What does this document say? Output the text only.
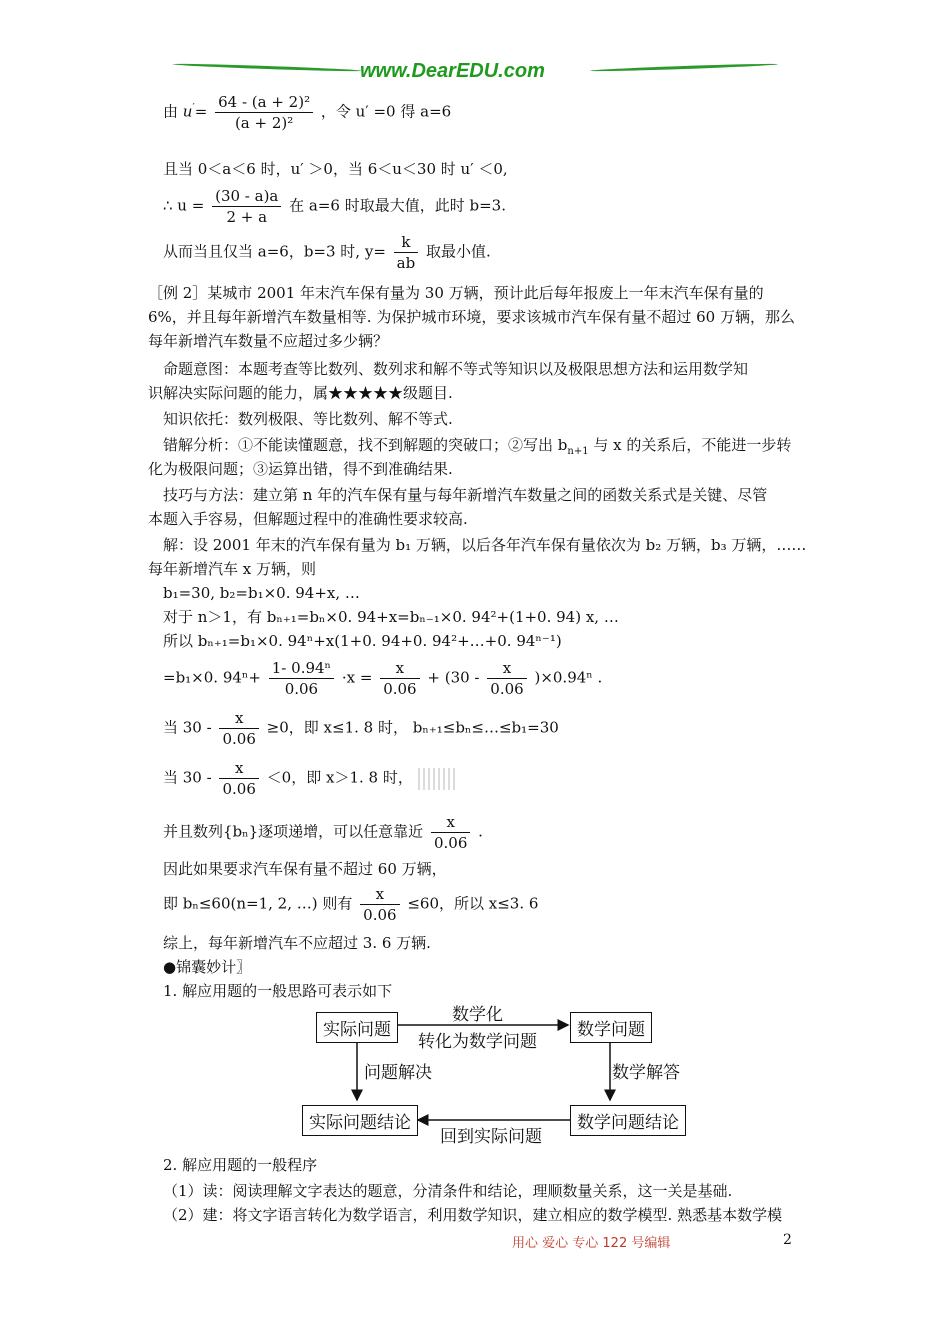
www.DearEDU.com
由 $u'= \frac{\text{64 - (a + 2)²}}{\text{(a + 2)²}}$ ，令 u′ =0 得 a=6
且当 0＜a＜6 时，u′ ＞0，当 6＜u＜30 时 u′ ＜0,
∴ $u = \frac{(30 - a)a}{2 + a}$ 在 a=6 时取最大值，此时 b=3.
从而当且仅当 a=6，b=3 时, $y= \frac{k}{ab}$ 取最小值.
［例 2］某城市 2001 年末汽车保有量为 30 万辆，预计此后每年报废上一年末汽车保有量的
6%，并且每年新增汽车数量相等. 为保护城市环境，要求该城市汽车保有量不超过 60 万辆，那么
每年新增汽车数量不应超过多少辆？
命题意图：本题考查等比数列、数列求和解不等式等知识以及极限思想方法和运用数学知
识解决实际问题的能力，属★★★★★级题目.
知识依托：数列极限、等比数列、解不等式.
错解分析：①不能读懂题意，找不到解题的突破口；②写出 $b_{n+1}$ 与 x 的关系后，不能进一步转
化为极限问题；③运算出错，得不到准确结果.
技巧与方法：建立第 n 年的汽车保有量与每年新增汽车数量之间的函数关系式是关键、尽管
本题入手容易，但解题过程中的准确性要求较高.
解：设 2001 年末的汽车保有量为 b₁ 万辆，以后各年汽车保有量依次为 b₂ 万辆，b₃ 万辆，……
每年新增汽车 x 万辆，则
b₁=30, b₂=b₁×0. 94+x, …
对于 n＞1，有 bₙ₊₁=bₙ×0. 94+x=bₙ₋₁×0. 94²+(1+0. 94) x, …
所以 bₙ₊₁=b₁×0. 94ⁿ+x(1+0. 94+0. 94²+…+0. 94ⁿ⁻¹)
=b₁×0. $94^n+ \frac{\text{1- 0.94ⁿ}}{0.06} \cdot x = \frac{x}{0.06} + (30 - \frac{x}{0.06} )\times 0.94^n$ .
当 $30 - \frac{x}{0.06} \ge 0$，即 x≤1. 8 时， bₙ₊₁≤bₙ≤…≤b₁=30
当 $30 - \frac{x}{0.06} <0$，即 x＞1. 8 时，
并且数列{bₙ}逐项递增，可以任意靠近 $\frac{x}{0.06}$ .
因此如果要求汽车保有量不超过 60 万辆，
即 bₙ≤60(n=1, 2, …) 则有 $\frac{x}{0.06} \le 60$，所以 x≤3. 6
综上，每年新增汽车不应超过 3. 6 万辆.
●锦囊妙计〗
1. 解应用题的一般思路可表示如下
实际问题	数学问题
实际问题结论	数学问题结论
数学化
转化为数学问题
问题解决	数学解答
回到实际问题
2. 解应用题的一般程序
（1）读：阅读理解文字表达的题意，分清条件和结论，理顺数量关系，这一关是基础.
（2）建：将文字语言转化为数学语言，利用数学知识，建立相应的数学模型. 熟悉基本数学模
用心 爱心 专心 122 号编辑	2
